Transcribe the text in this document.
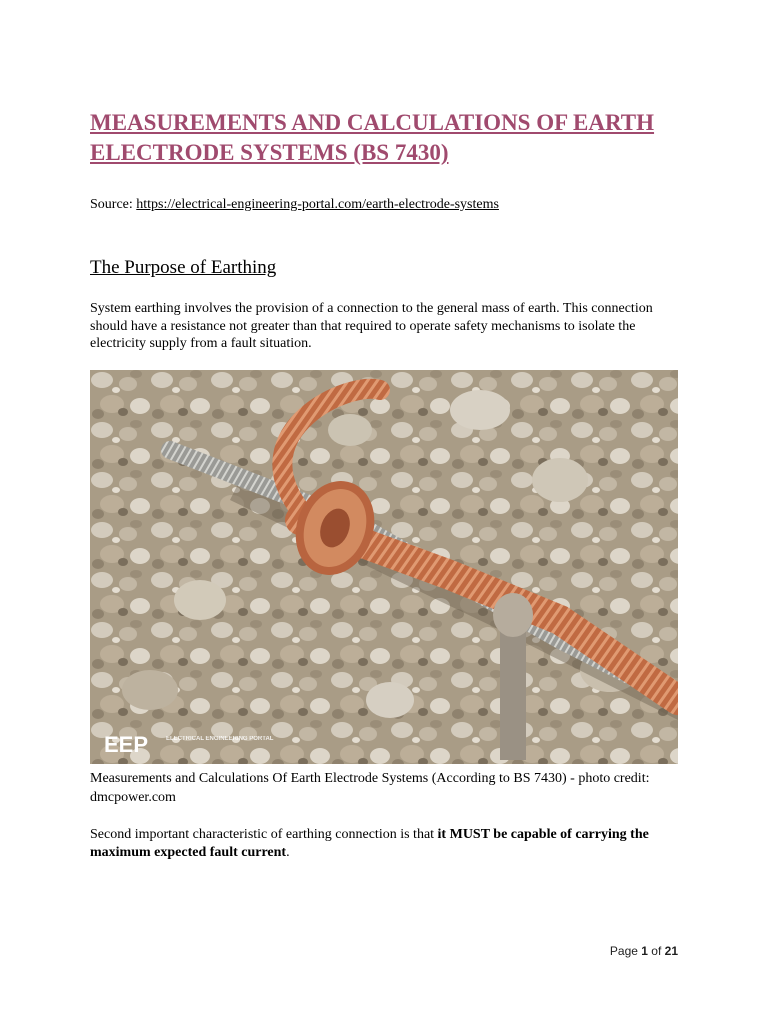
MEASUREMENTS AND CALCULATIONS OF EARTH ELECTRODE SYSTEMS (BS 7430)

Source: https://electrical-engineering-portal.com/earth-electrode-systems

The Purpose of Earthing

System earthing involves the provision of a connection to the general mass of earth. This connection should have a resistance not greater than that required to operate safety mechanisms to isolate the electricity supply from a fault situation.

EEP	ELECTRICAL ENGINEERING PORTAL

Measurements and Calculations Of Earth Electrode Systems (According to BS 7430) - photo credit: dmcpower.com

Second important characteristic of earthing connection is that it MUST be capable of carrying the maximum expected fault current.

Page 1 of 21
